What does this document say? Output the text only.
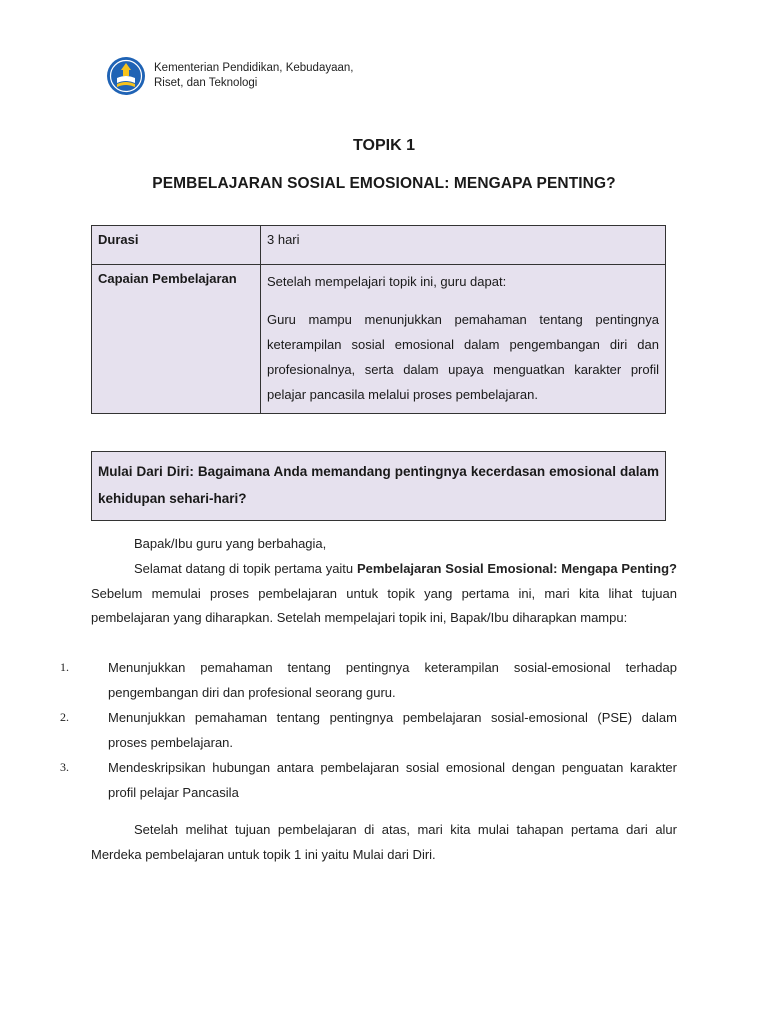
Kementerian Pendidikan, Kebudayaan,
Riset, dan Teknologi
TOPIK 1
PEMBELAJARAN SOSIAL EMOSIONAL: MENGAPA PENTING?
Durasi	3 hari
Capaian Pembelajaran	Setelah mempelajari topik ini, guru dapat:

Guru mampu menunjukkan pemahaman tentang pentingnya keterampilan sosial emosional dalam pengembangan diri dan profesionalnya, serta dalam upaya menguatkan karakter profil pelajar pancasila melalui proses pembelajaran.

Mulai Dari Diri: Bagaimana Anda memandang pentingnya kecerdasan emosional dalam kehidupan sehari-hari?
Bapak/Ibu guru yang berbahagia,
Selamat datang di topik pertama yaitu Pembelajaran Sosial Emosional: Mengapa Penting? Sebelum memulai proses pembelajaran untuk topik yang pertama ini, mari kita lihat tujuan pembelajaran yang diharapkan. Setelah mempelajari topik ini, Bapak/Ibu diharapkan mampu:
1.	Menunjukkan pemahaman tentang pentingnya keterampilan sosial-emosional terhadap pengembangan diri dan profesional seorang guru.
2.	Menunjukkan pemahaman tentang pentingnya pembelajaran sosial-emosional (PSE) dalam proses pembelajaran.
3.	Mendeskripsikan hubungan antara pembelajaran sosial emosional dengan penguatan karakter profil pelajar Pancasila
Setelah melihat tujuan pembelajaran di atas, mari kita mulai tahapan pertama dari alur Merdeka pembelajaran untuk topik 1 ini yaitu Mulai dari Diri.
